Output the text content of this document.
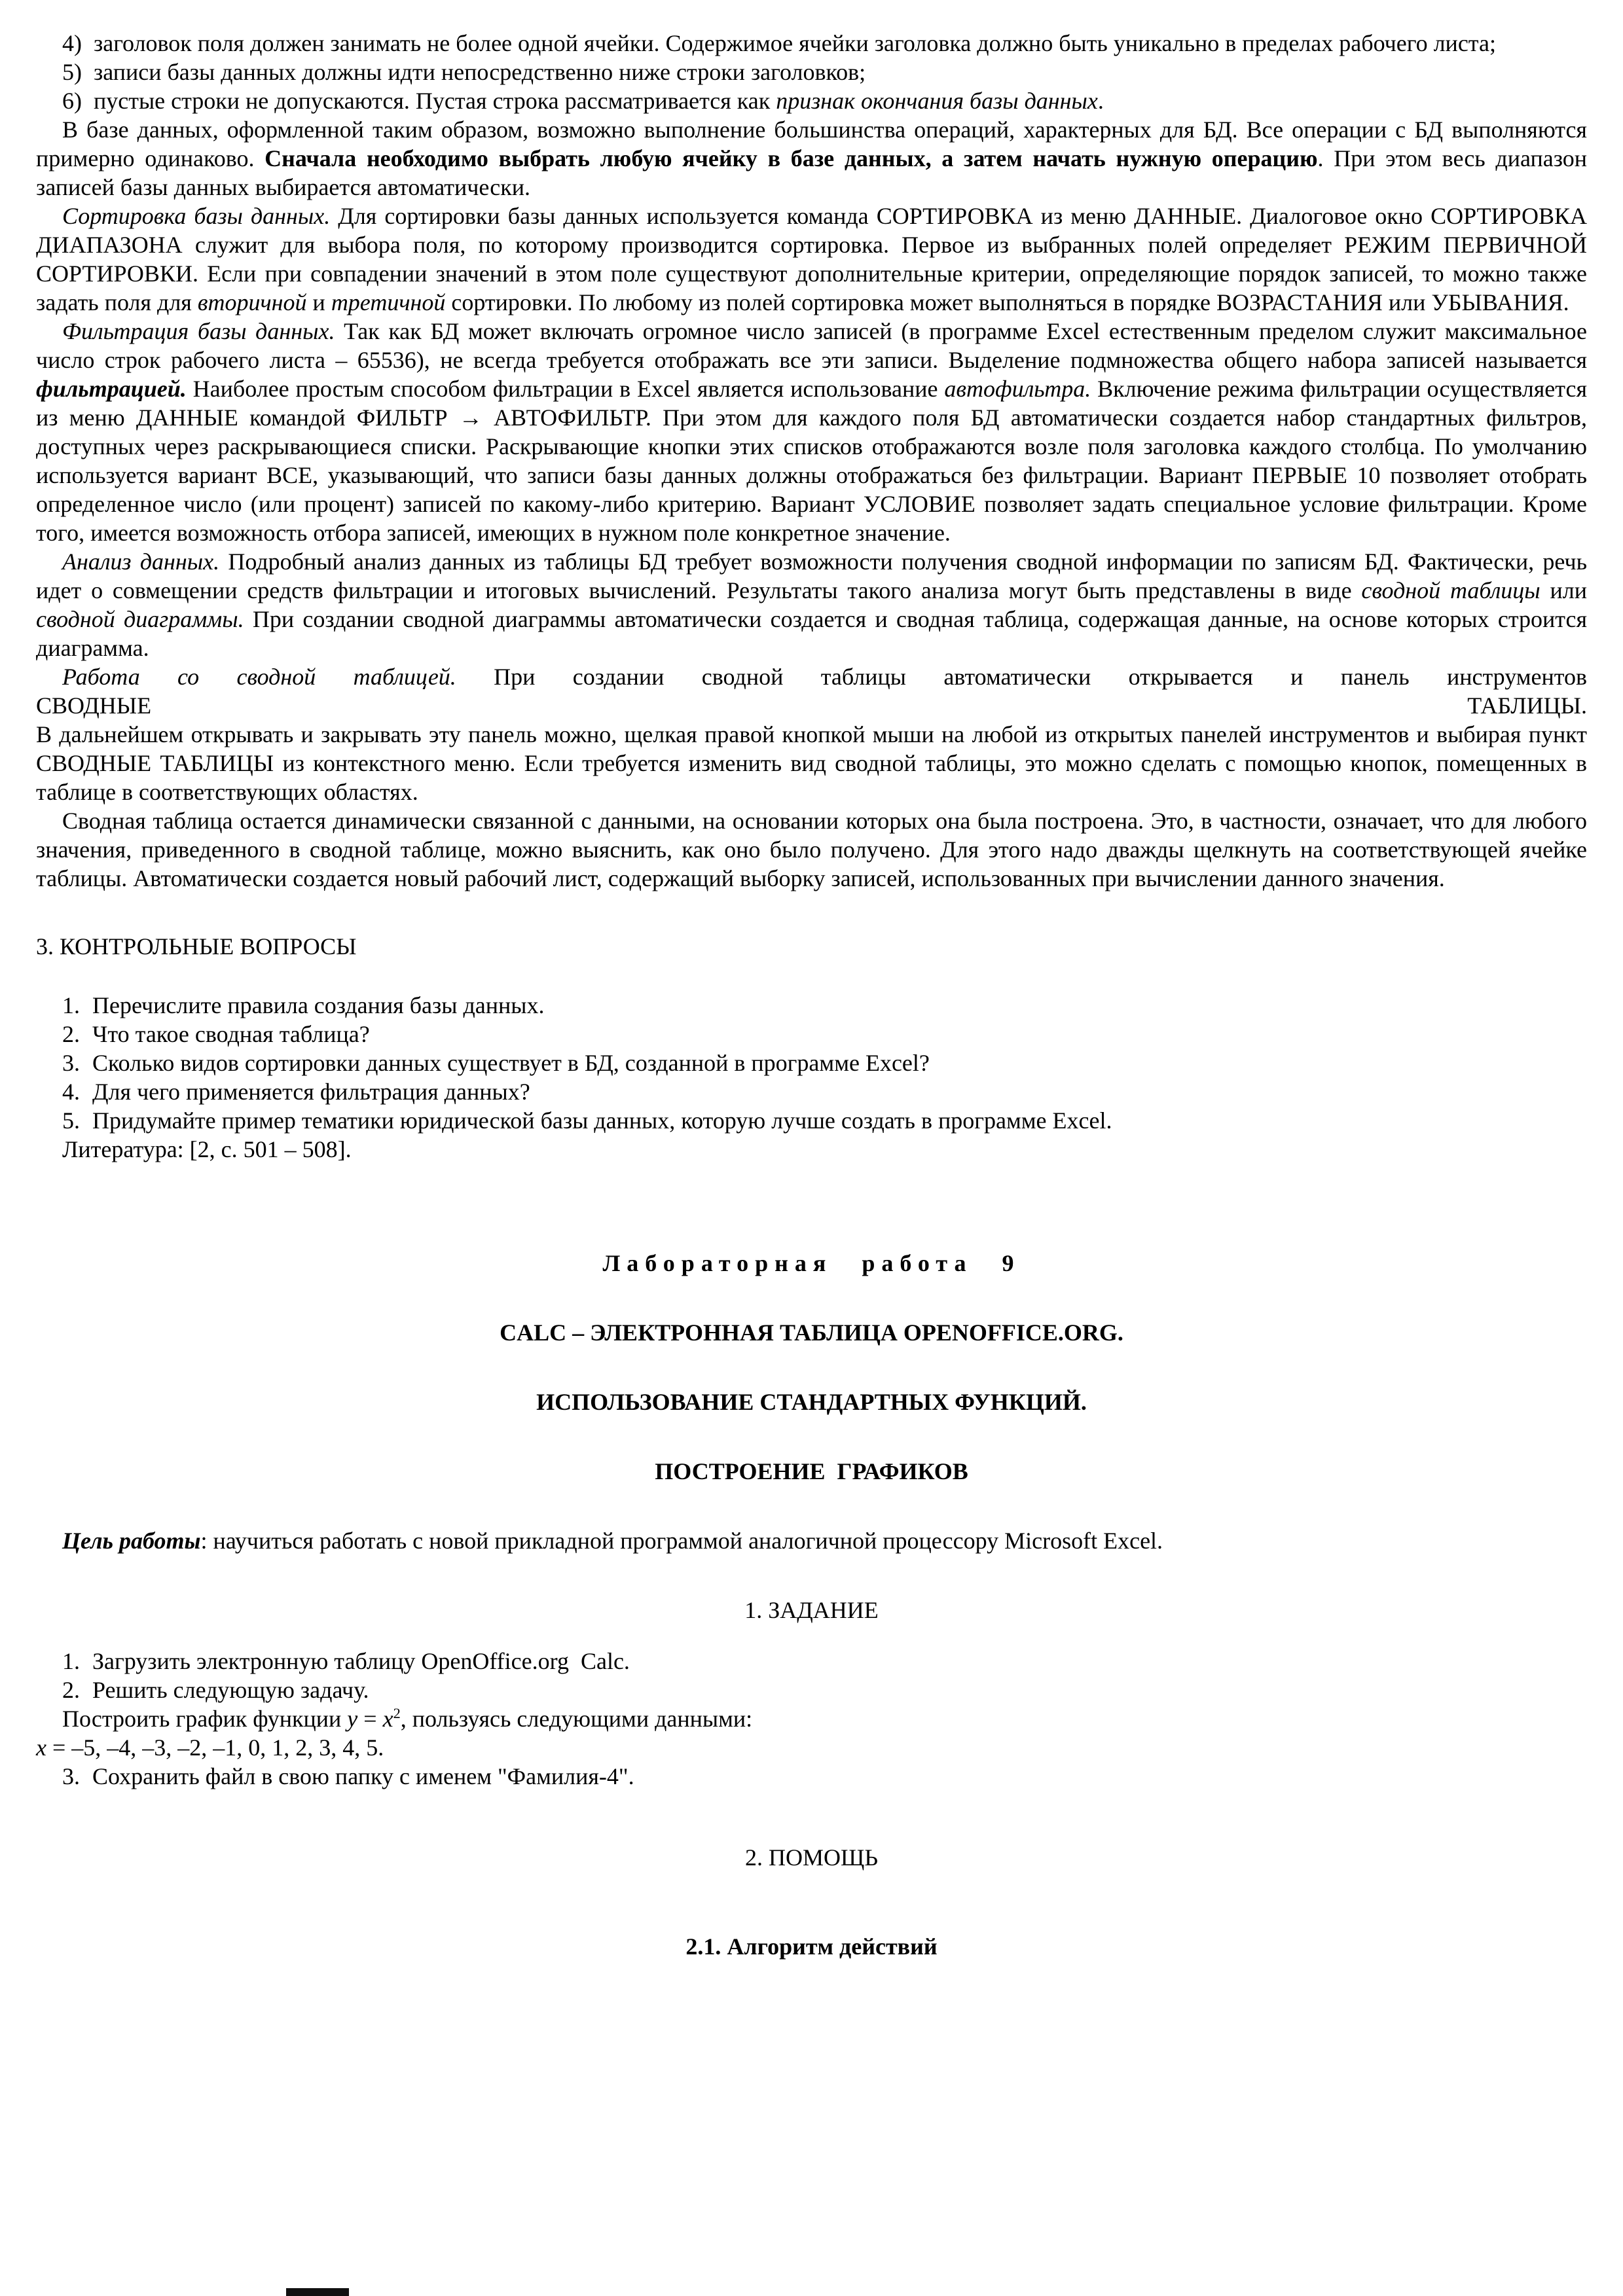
4)  заголовок поля должен занимать не более одной ячейки. Содержимое ячейки заголовка должно быть уникально в пределах рабочего листа;

5)  записи базы данных должны идти непосредственно ниже строки заголовков;

6)  пустые строки не допускаются. Пустая строка рассматривается как признак окончания базы данных.

В базе данных, оформленной таким образом, возможно выполнение большинства операций, характерных для БД. Все операции с БД выполняются примерно одинаково. Сначала необходимо выбрать любую ячейку в базе данных, а затем начать нужную операцию. При этом весь диапазон записей базы данных выбирается автоматически.

Сортировка базы данных. Для сортировки базы данных используется команда СОРТИРОВКА из меню ДАННЫЕ. Диалоговое окно СОРТИРОВКА ДИАПАЗОНА служит для выбора поля, по которому производится сортировка. Первое из выбранных полей определяет РЕЖИМ ПЕРВИЧНОЙ СОРТИРОВКИ. Если при совпадении значений в этом поле существуют дополнительные критерии, определяющие порядок записей, то можно также задать поля для вторичной и третичной сортировки. По любому из полей сортировка может выполняться в порядке ВОЗРАСТАНИЯ или УБЫВАНИЯ.

Фильтрация базы данных. Так как БД может включать огромное число записей (в программе Excel естественным пределом служит максимальное число строк рабочего листа – 65536), не всегда требуется отображать все эти записи. Выделение подмножества общего набора записей называется фильтрацией. Наиболее простым способом фильтрации в Excel является использование автофильтра. Включение режима фильтрации осуществляется из меню ДАННЫЕ командой ФИЛЬТР → АВТОФИЛЬТР. При этом для каждого поля БД автоматически создается набор стандартных фильтров, доступных через раскрывающиеся списки. Раскрывающие кнопки этих списков отображаются возле поля заголовка каждого столбца. По умолчанию используется вариант ВСЕ, указывающий, что записи базы данных должны отображаться без фильтрации. Вариант ПЕРВЫЕ 10 позволяет отобрать определенное число (или процент) записей по какому-либо критерию. Вариант УСЛОВИЕ позволяет задать специальное условие фильтрации. Кроме того, имеется возможность отбора записей, имеющих в нужном поле конкретное значение.

Анализ данных. Подробный анализ данных из таблицы БД требует возможности получения сводной информации по записям БД. Фактически, речь идет о совмещении средств фильтрации и итоговых вычислений. Результаты такого анализа могут быть представлены в виде сводной таблицы или сводной диаграммы. При создании сводной диаграммы автоматически создается и сводная таблица, содержащая данные, на основе которых строится диаграмма.

Работа со сводной таблицей. При создании сводной таблицы автоматически открывается и панель инструментов

СВОДНЫЕ	ТАБЛИЦЫ.

В дальнейшем открывать и закрывать эту панель можно, щелкая правой кнопкой мыши на любой из открытых панелей инструментов и выбирая пункт СВОДНЫЕ ТАБЛИЦЫ из контекстного меню. Если требуется изменить вид сводной таблицы, это можно сделать с помощью кнопок, помещенных в таблице в соответствующих областях.

Сводная таблица остается динамически связанной с данными, на основании которых она была построена. Это, в частности, означает, что для любого значения, приведенного в сводной таблице, можно выяснить, как оно было получено. Для этого надо дважды щелкнуть на соответствующей ячейке таблицы. Автоматически создается новый рабочий лист, содержащий выборку записей, использованных при вычислении данного значения.

3. КОНТРОЛЬНЫЕ ВОПРОСЫ

1. Перечислите правила создания базы данных.

2. Что такое сводная таблица?

3. Сколько видов сортировки данных существует в БД, созданной в программе Excel?

4. Для чего применяется фильтрация данных?

5. Придумайте пример тематики юридической базы данных, которую лучше создать в программе Excel.

Литература: [2, с. 501 – 508].

Лабораторная работа 9

CALC – ЭЛЕКТРОННАЯ ТАБЛИЦА OPENOFFICE.ORG.

ИСПОЛЬЗОВАНИЕ СТАНДАРТНЫХ ФУНКЦИЙ.

ПОСТРОЕНИЕ  ГРАФИКОВ

Цель работы: научиться работать с новой прикладной программой аналогичной процессору Microsoft Excel.

1. ЗАДАНИЕ

1. Загрузить электронную таблицу OpenOffice.org  Calc.

2. Решить следующую задачу.

Построить график функции $y = x^2$, пользуясь следующими данными:

x = –5, –4, –3, –2, –1, 0, 1, 2, 3, 4, 5.

3. Сохранить файл в свою папку с именем "Фамилия-4".

2. ПОМОЩЬ

2.1. Алгоритм действий
